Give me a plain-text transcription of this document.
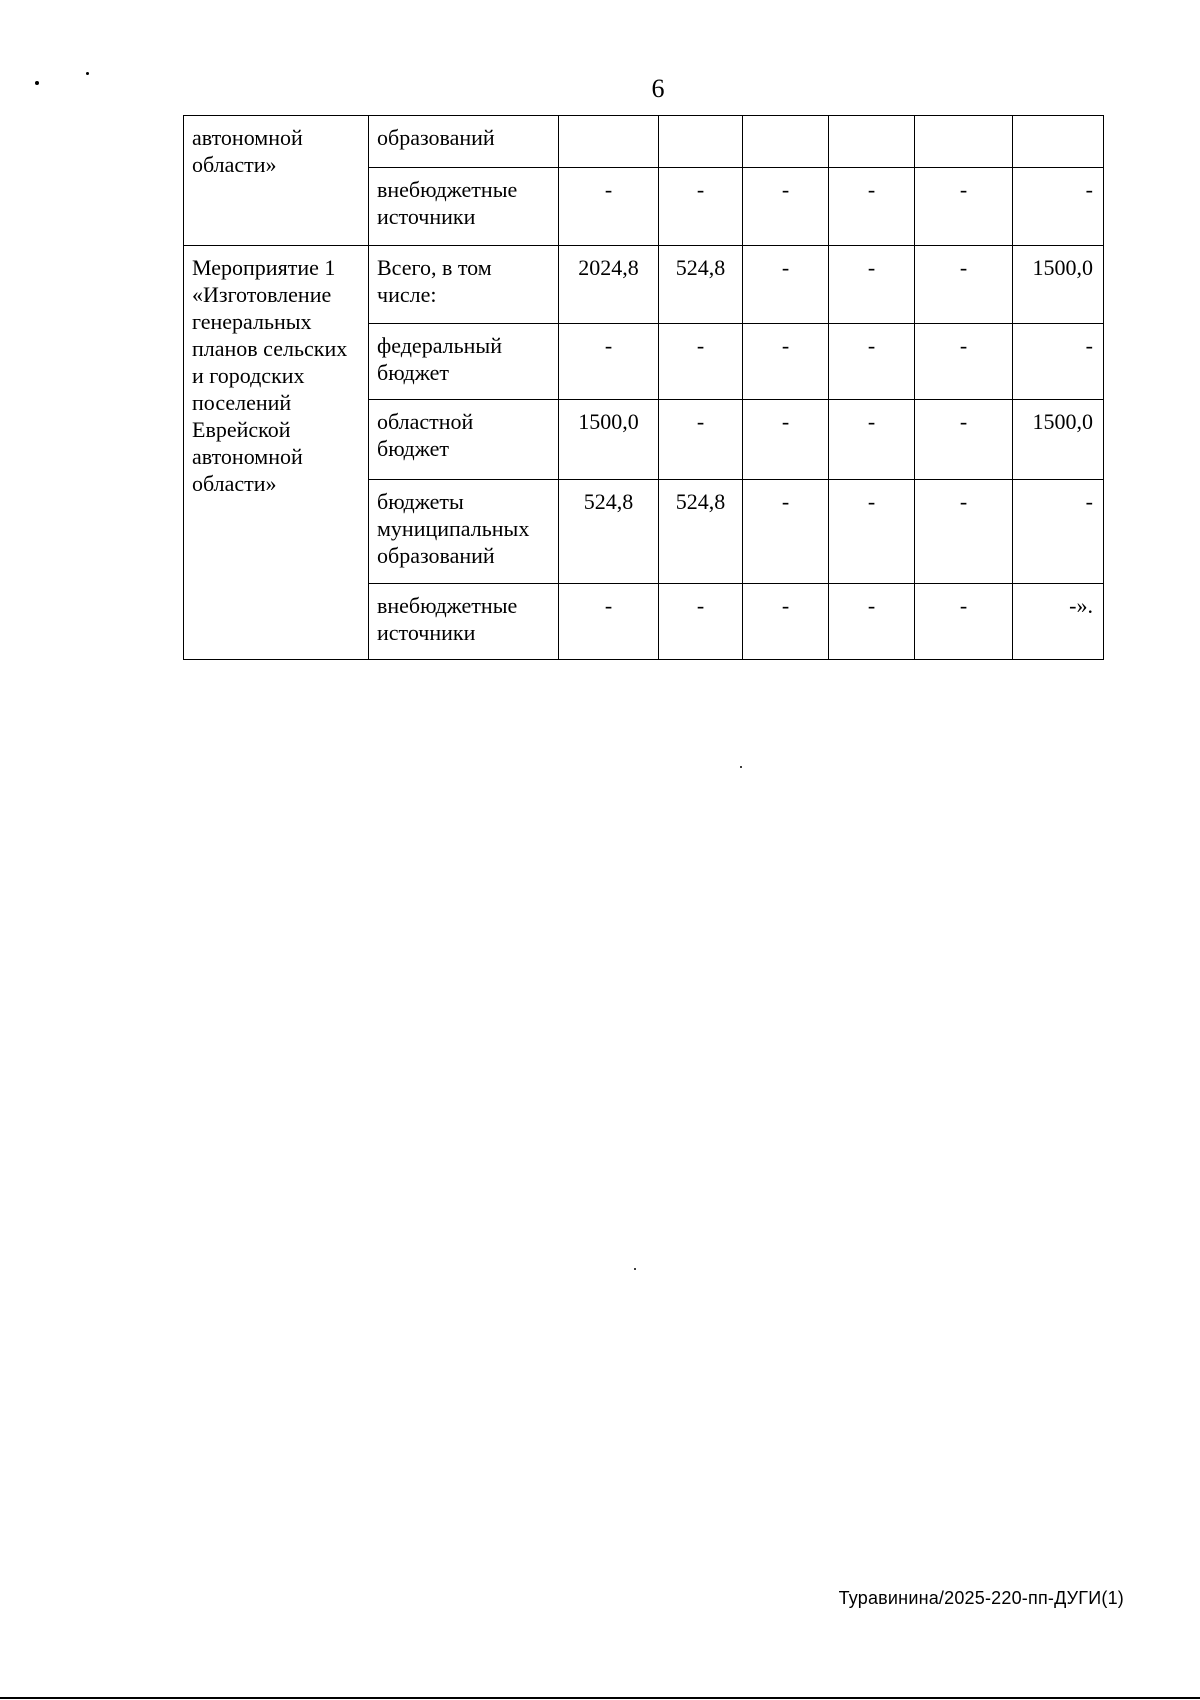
6
автономной области»	образований						
	внебюджетные источники	-	-	-	-	-	-
Мероприятие 1 «Изготовление генеральных планов сельских и городских поселений Еврейской автономной области»	Всего, в том числе:	2024,8	524,8	-	-	-	1500,0
	федеральный бюджет	-	-	-	-	-	-
	областной бюджет	1500,0	-	-	-	-	1500,0
	бюджеты муниципальных образований	524,8	524,8	-	-	-	-
	внебюджетные источники	-	-	-	-	-	-».
Туравинина/2025-220-пп-ДУГИ(1)
